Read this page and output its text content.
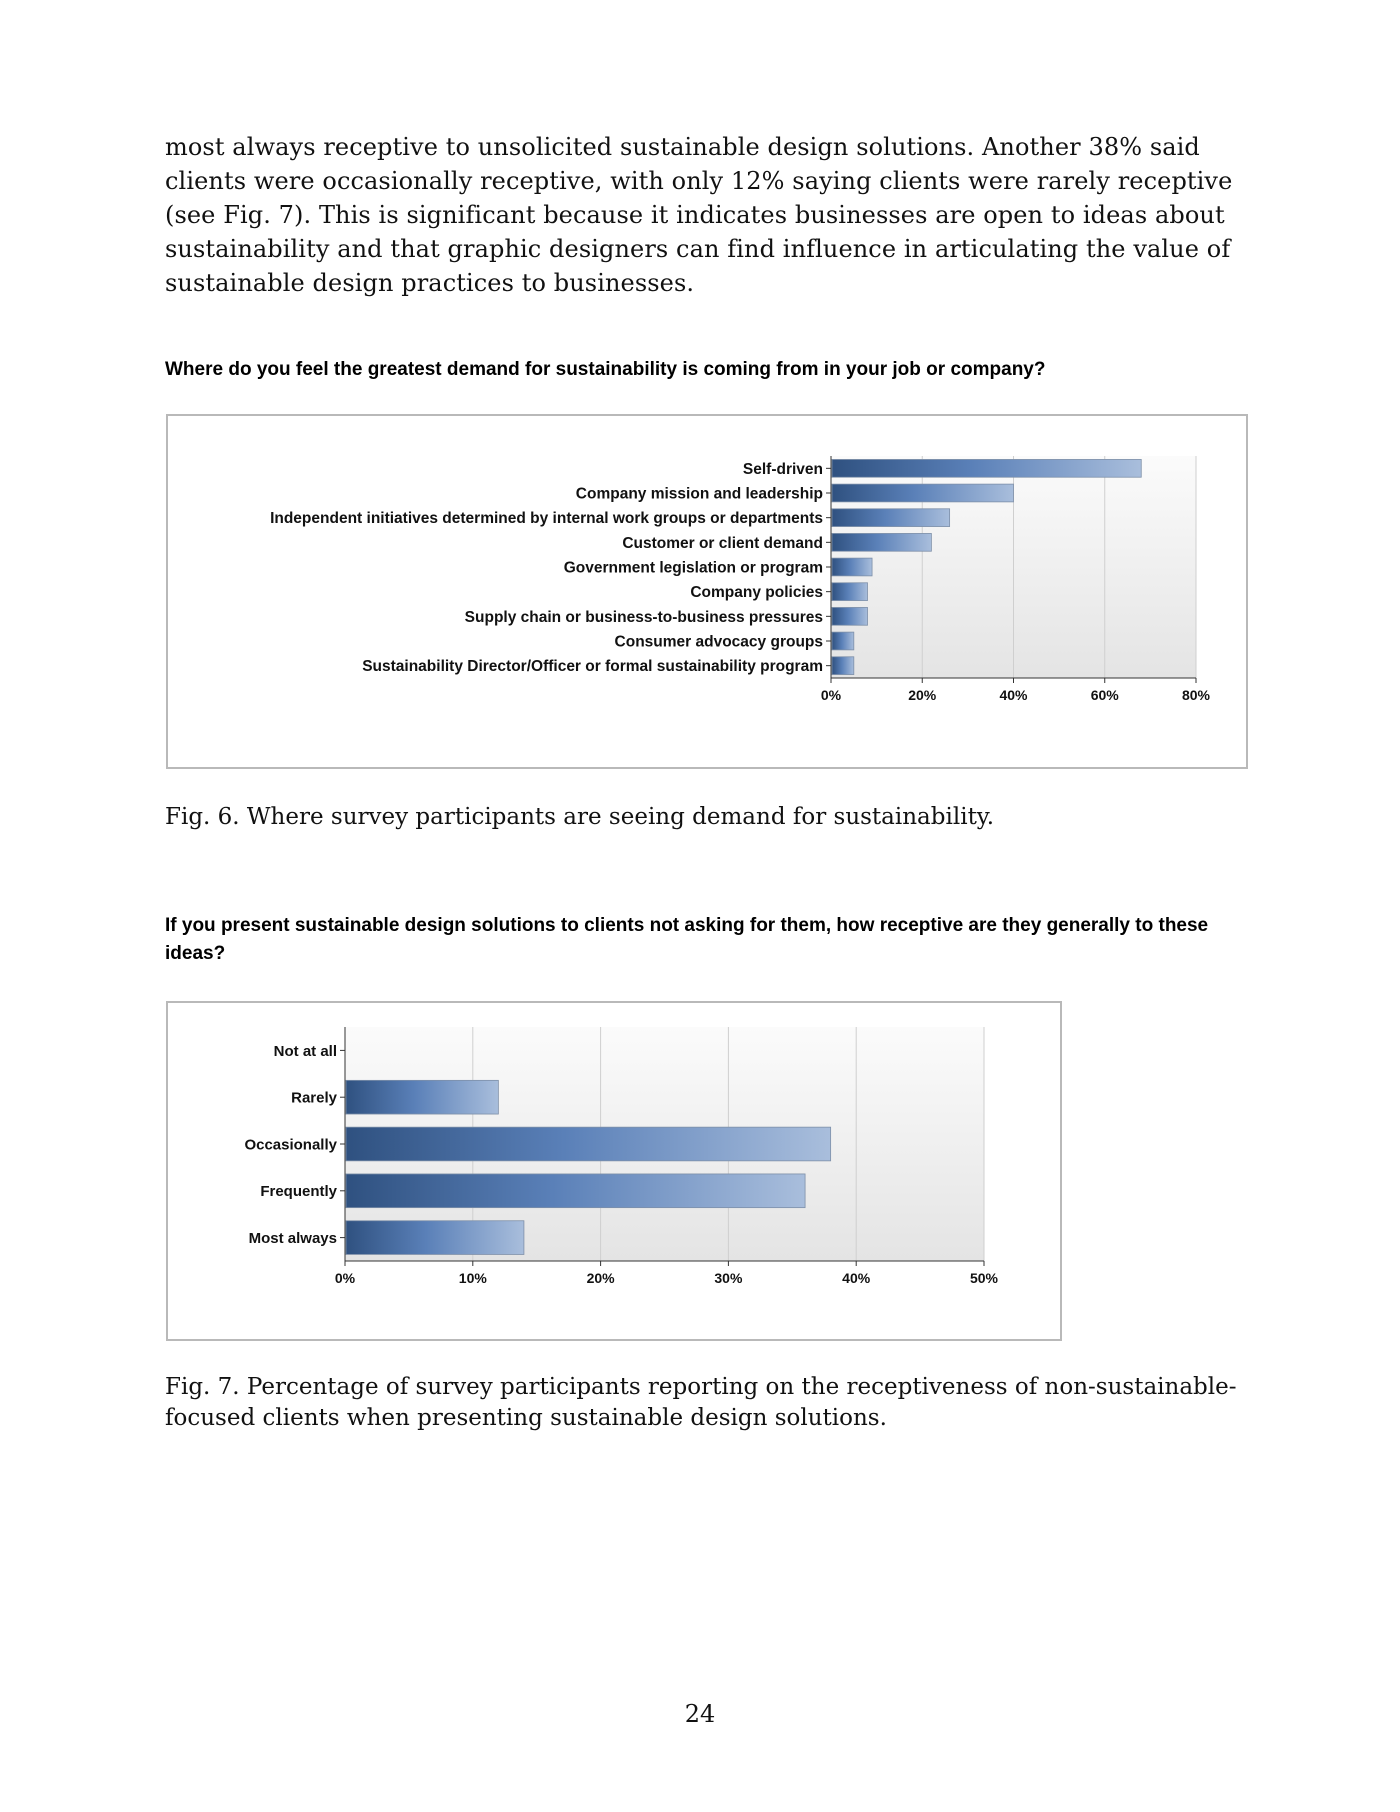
most always receptive to unsolicited sustainable design solutions. Another 38% said clients were occasionally receptive, with only 12% saying clients were rarely receptive (see Fig. 7). This is significant because it indicates businesses are open to ideas about sustainability and that graphic designers can find influence in articulating the value of sustainable design practices to businesses.

Where do you feel the greatest demand for sustainability is coming from in your job or company?
0%	20%	40%	60%	80%
Self-driven
Company mission and leadership
Independent initiatives determined by internal work groups or departments
Customer or client demand
Government legislation or program
Company policies
Supply chain or business-to-business pressures
Consumer advocacy groups
Sustainability Director/Officer or formal sustainability program
Fig. 6. Where survey participants are seeing demand for sustainability.
If you present sustainable design solutions to clients not asking for them, how receptive are they generally to these ideas?
0%	10%	20%	30%	40%	50%
Not at all
Rarely
Occasionally
Frequently
Most always
Fig. 7. Percentage of survey participants reporting on the receptiveness of non-sustainable-focused clients when presenting sustainable design solutions.
24
